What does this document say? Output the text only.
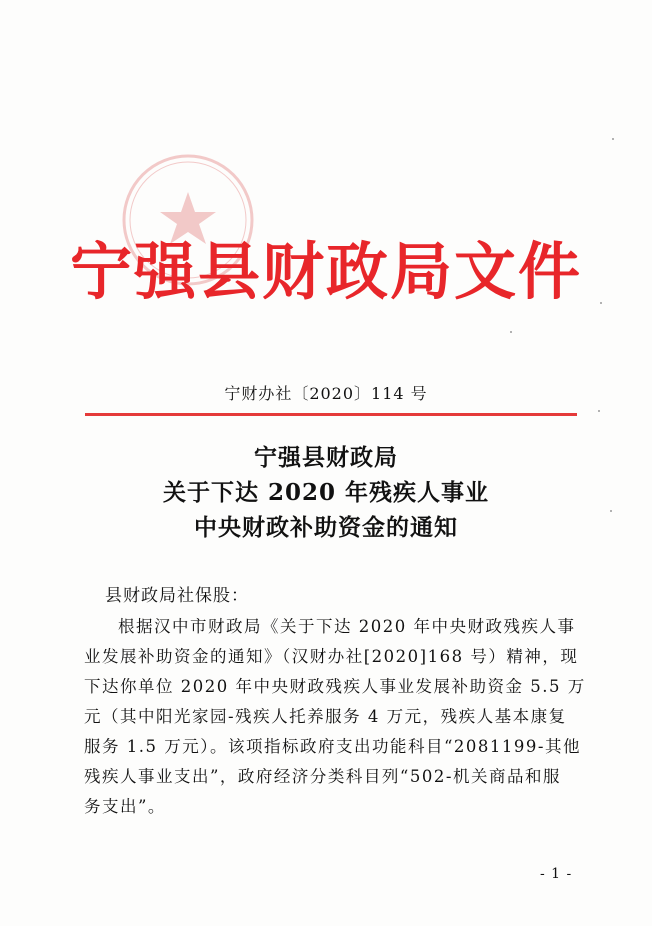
宁强县财政局文件
宁财办社〔2020〕114 号
宁强县财政局
关于下达 2020 年残疾人事业
中央财政补助资金的通知
县财政局社保股：
根据汉中市财政局《关于下达 2020 年中央财政残疾人事
业发展补助资金的通知》（汉财办社[2020]168 号）精神，现
下达你单位 2020 年中央财政残疾人事业发展补助资金 5.5 万
元（其中阳光家园-残疾人托养服务 4 万元，残疾人基本康复
服务 1.5 万元）。该项指标政府支出功能科目“2081199-其他
残疾人事业支出”，政府经济分类科目列“502-机关商品和服
务支出”。
- 1 -
